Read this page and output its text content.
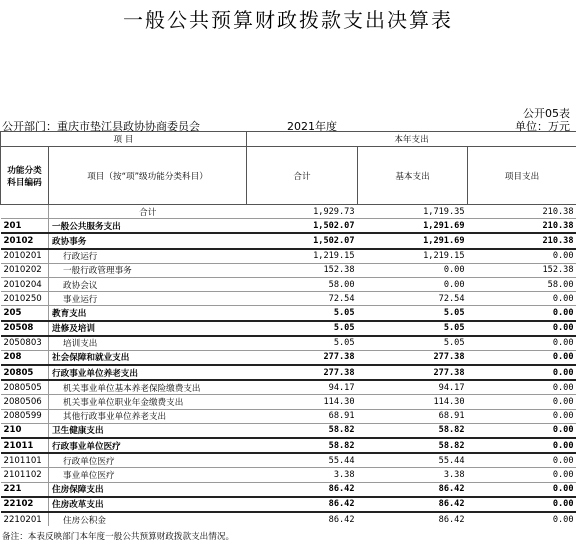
一般公共预算财政拨款支出决算表
公开05表
公开部门：重庆市垫江县政协协商委员会	2021年度	单位：万元
项 目		本年支出		
功能分类
科目编码	项目（按“项”级功能分类科目）	合计	基本支出	项目支出
	合计	1,929.73	1,719.35	210.38
201	一般公共服务支出	1,502.07	1,291.69	210.38
20102	政协事务	1,502.07	1,291.69	210.38
2010201	行政运行	1,219.15	1,219.15	0.00
2010202	一般行政管理事务	152.38	0.00	152.38
2010204	政协会议	58.00	0.00	58.00
2010250	事业运行	72.54	72.54	0.00
205	教育支出	5.05	5.05	0.00
20508	进修及培训	5.05	5.05	0.00
2050803	培训支出	5.05	5.05	0.00
208	社会保障和就业支出	277.38	277.38	0.00
20805	行政事业单位养老支出	277.38	277.38	0.00
2080505	机关事业单位基本养老保险缴费支出	94.17	94.17	0.00
2080506	机关事业单位职业年金缴费支出	114.30	114.30	0.00
2080599	其他行政事业单位养老支出	68.91	68.91	0.00
210	卫生健康支出	58.82	58.82	0.00
21011	行政事业单位医疗	58.82	58.82	0.00
2101101	行政单位医疗	55.44	55.44	0.00
2101102	事业单位医疗	3.38	3.38	0.00
221	住房保障支出	86.42	86.42	0.00
22102	住房改革支出	86.42	86.42	0.00
2210201	住房公积金	86.42	86.42	0.00
备注：本表反映部门本年度一般公共预算财政拨款支出情况。
